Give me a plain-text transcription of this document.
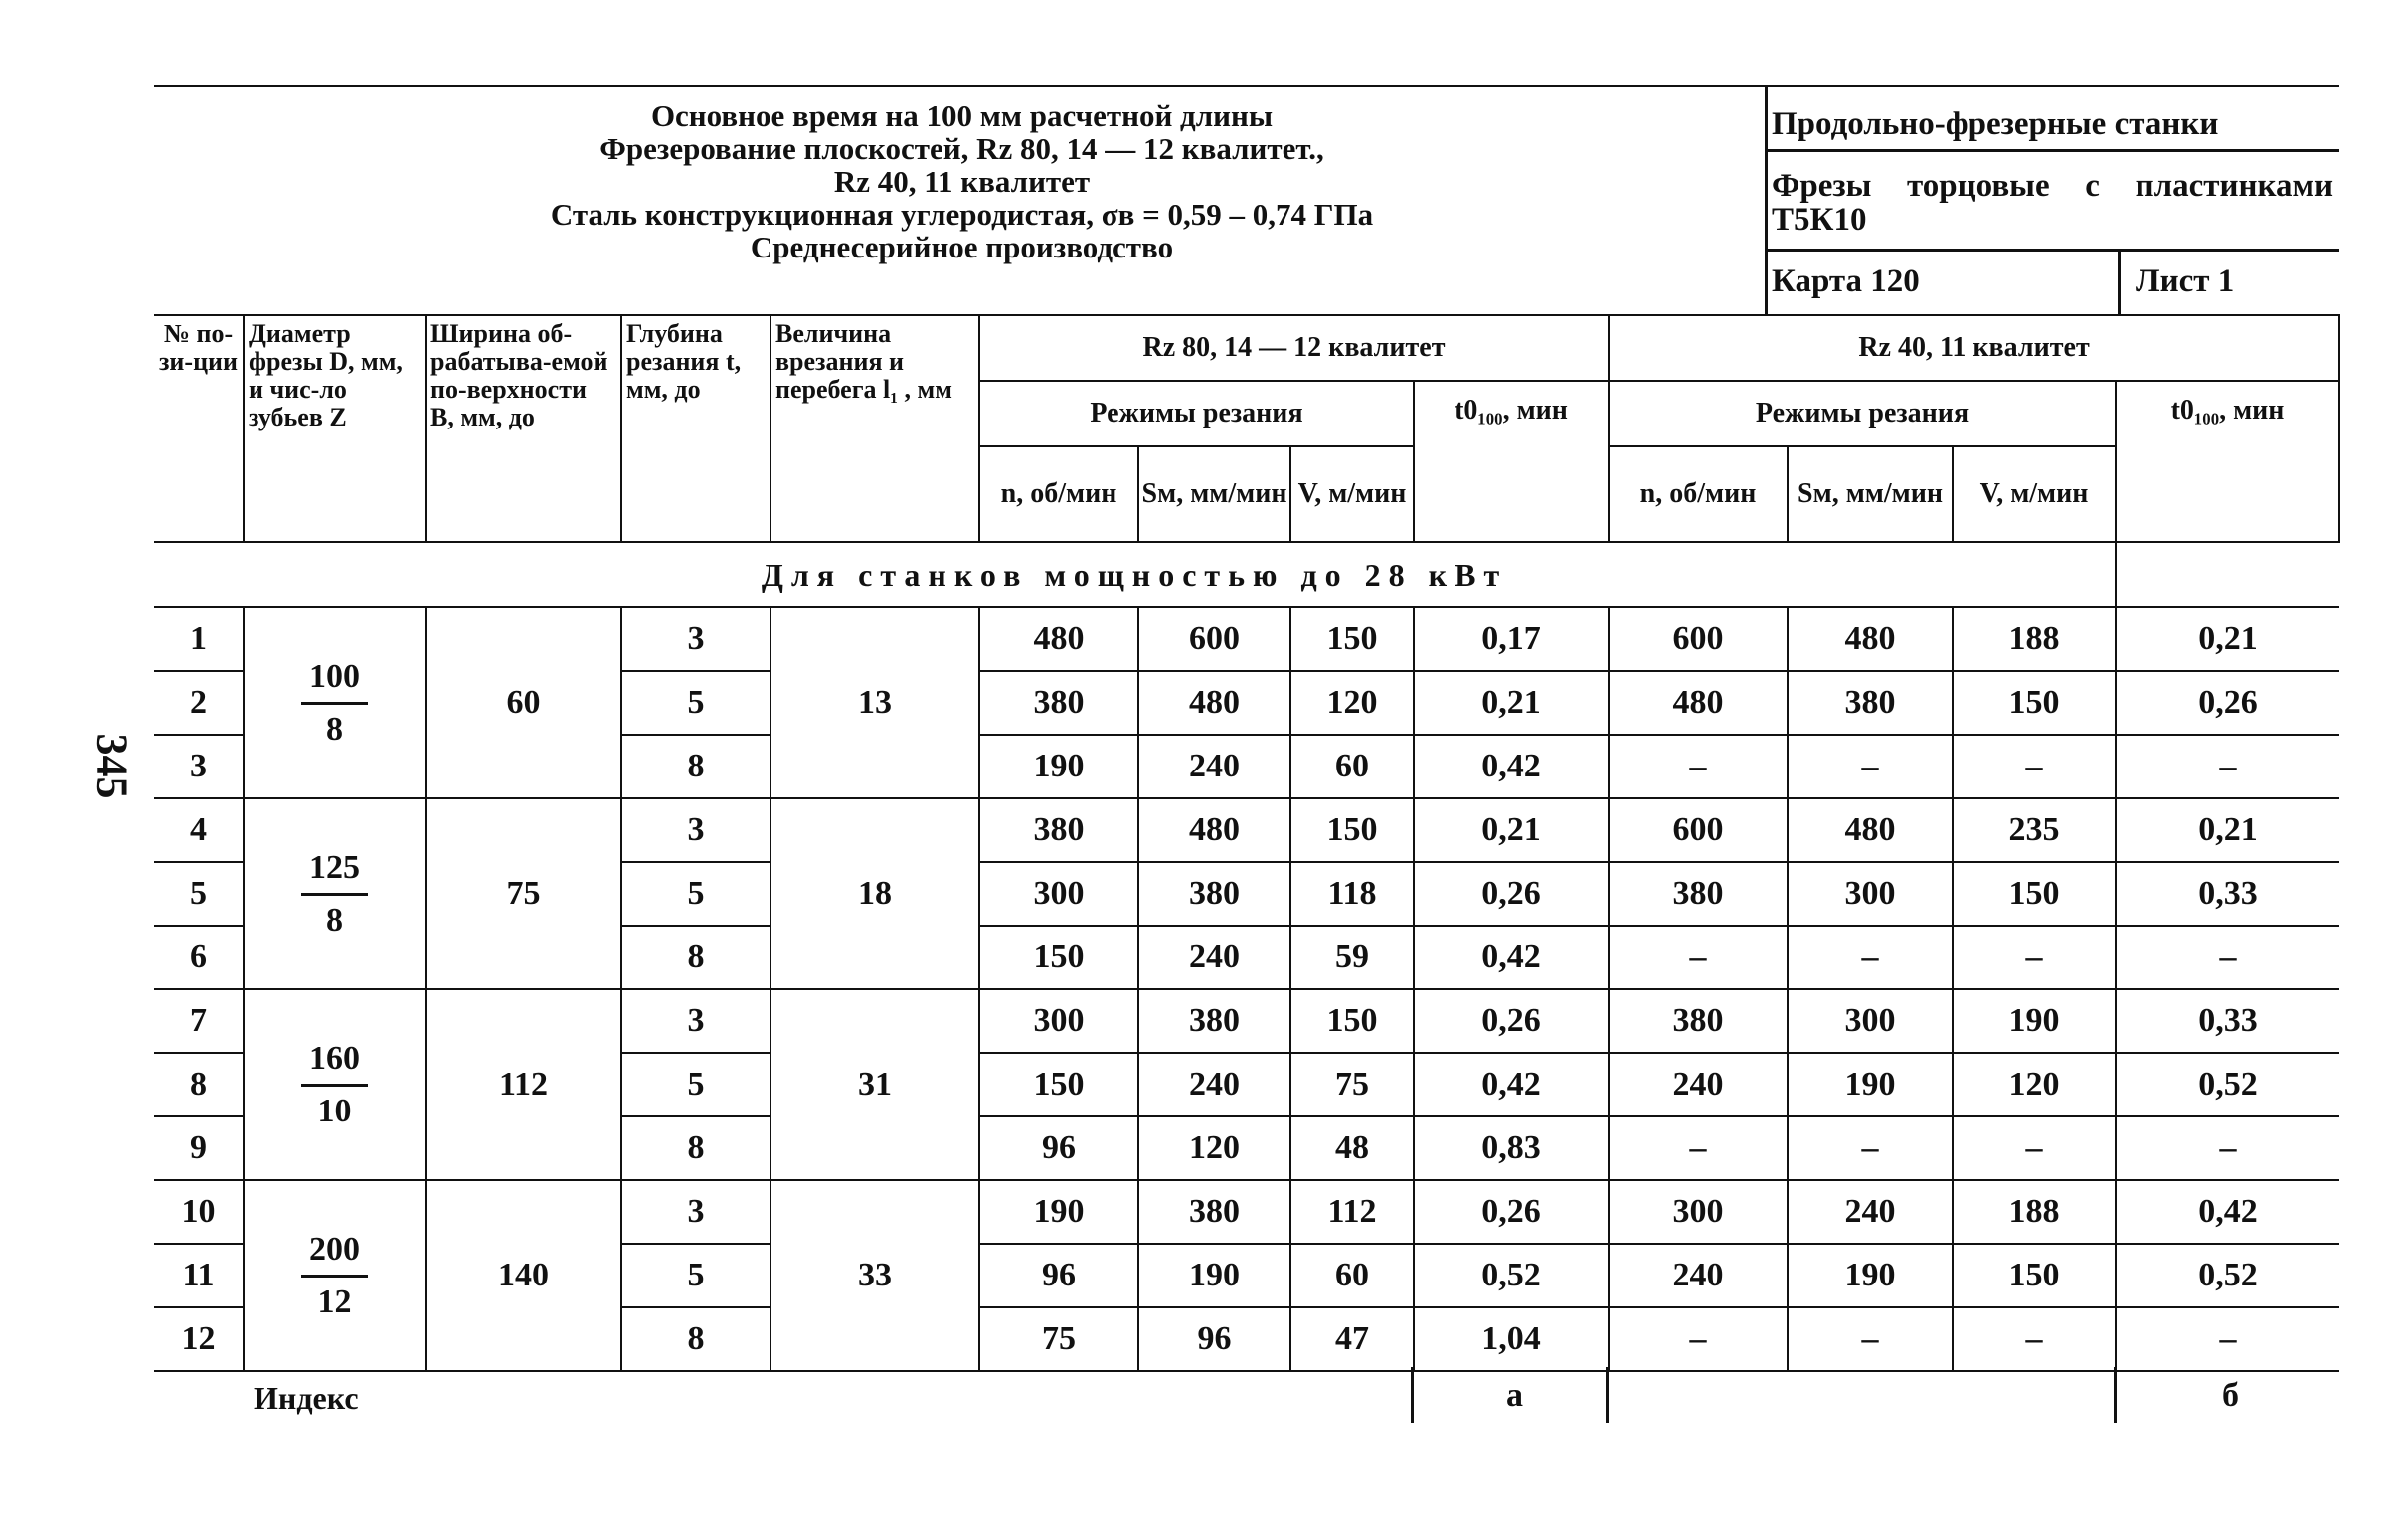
Основное время на 100 мм расчетной длины
Фрезерование плоскостей, Rz 80, 14 — 12 квалитет.,
Rz 40, 11 квалитет
Сталь конструкционная углеродистая, σв = 0,59 – 0,74 ГПа
Среднесерийное производство
Продольно-фрезерные станки
Фрезы торцовые с пластинками Т5К10
Карта 120	Лист 1
345
№ по-зи-ции	Диаметр фрезы D, мм, и чис-ло зубьев Z	Ширина об-рабатыва-емой по-верхности B, мм, до	Глубина резания t, мм, до	Величина врезания и перебега l₁ , мм	Rz 80, 14 — 12 квалитет				Rz 40, 11 квалитет			
					Режимы резания			t0₁₀₀, мин	Режимы резания			t0₁₀₀, мин
					n, об/мин	Sм, мм/мин	V, м/мин		n, об/мин	Sм, мм/мин	V, м/мин	
Для станков мощностью до 28 кВт												
1	$\frac{100}{8}$	60	3	13	480	600	150	0,17	600	480	188	0,21
2			5		380	480	120	0,21	480	380	150	0,26
3			8		190	240	60	0,42	–	–	–	–
4	$\frac{125}{8}$	75	3	18	380	480	150	0,21	600	480	235	0,21
5			5		300	380	118	0,26	380	300	150	0,33
6			8		150	240	59	0,42	–	–	–	–
7	$\frac{160}{10}$	112	3	31	300	380	150	0,26	380	300	190	0,33
8			5		150	240	75	0,42	240	190	120	0,52
9			8		96	120	48	0,83	–	–	–	–
10	$\frac{200}{12}$	140	3	33	190	380	112	0,26	300	240	188	0,42
11			5		96	190	60	0,52	240	190	150	0,52
12			8		75	96	47	1,04	–	–	–	–
Индекс	а	б
